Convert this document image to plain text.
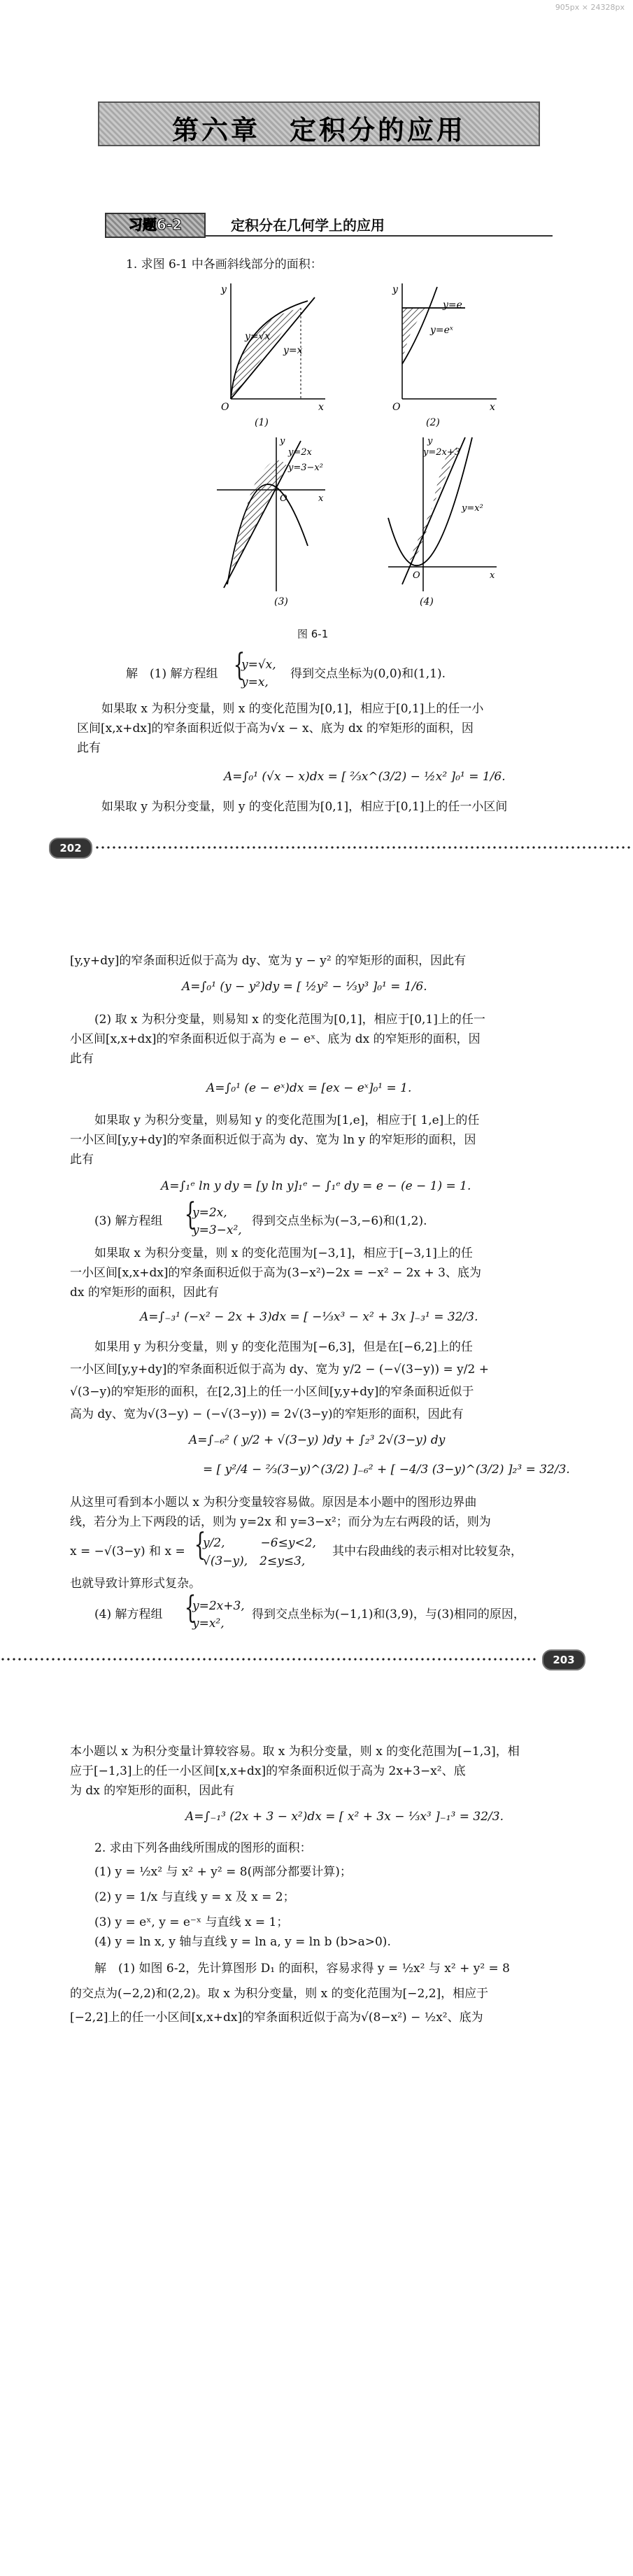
905px × 24328px
第六章　定积分的应用
习题6-2	定积分在几何学上的应用
1. 求图 6-1 中各画斜线部分的面积：
y=√x
y=x
O	x
y
(1)
y=e
y=eˣ
O	x
y
(2)
y=2x
y=3−x²
O	x
y
(3)
y=2x+3
y=x²
O	x
y
(4)
图 6-1
解　(1) 解方程组 {
y=√x,
y=x,
得到交点坐标为(0,0)和(1,1).
如果取 x 为积分变量，则 x 的变化范围为[0,1]，相应于[0,1]上的任一小
区间[x,x+dx]的窄条面积近似于高为√x − x、底为 dx 的窄矩形的面积，因
此有
A=∫₀¹ (√x − x)dx = [ ⅔x^(3/2) − ½x² ]₀¹ = 1/6.
如果取 y 为积分变量，则 y 的变化范围为[0,1]，相应于[0,1]上的任一小区间
202
[y,y+dy]的窄条面积近似于高为 dy、宽为 y − y² 的窄矩形的面积，因此有
A=∫₀¹ (y − y²)dy = [ ½y² − ⅓y³ ]₀¹ = 1/6.
(2) 取 x 为积分变量，则易知 x 的变化范围为[0,1]，相应于[0,1]上的任一
小区间[x,x+dx]的窄条面积近似于高为 e − eˣ、底为 dx 的窄矩形的面积，因
此有
A=∫₀¹ (e − eˣ)dx = [ex − eˣ]₀¹ = 1.
如果取 y 为积分变量，则易知 y 的变化范围为[1,e]，相应于[ 1,e]上的任
一小区间[y,y+dy]的窄条面积近似于高为 dy、宽为 ln y 的窄矩形的面积，因
此有
A=∫₁ᵉ ln y dy = [y ln y]₁ᵉ − ∫₁ᵉ dy = e − (e − 1) = 1.
(3) 解方程组 {
y=2x,
y=3−x²,
得到交点坐标为(−3,−6)和(1,2).
如果取 x 为积分变量，则 x 的变化范围为[−3,1]，相应于[−3,1]上的任
一小区间[x,x+dx]的窄条面积近似于高为(3−x²)−2x = −x² − 2x + 3、底为
dx 的窄矩形的面积，因此有
A=∫₋₃¹ (−x² − 2x + 3)dx = [ −⅓x³ − x² + 3x ]₋₃¹ = 32/3.
如果用 y 为积分变量，则 y 的变化范围为[−6,3]，但是在[−6,2]上的任
一小区间[y,y+dy]的窄条面积近似于高为 dy、宽为 y/2 − (−√(3−y)) = y/2 +
√(3−y)的窄矩形的面积，在[2,3]上的任一小区间[y,y+dy]的窄条面积近似于
高为 dy、宽为√(3−y) − (−√(3−y)) = 2√(3−y)的窄矩形的面积，因此有
A=∫₋₆² ( y/2 + √(3−y) )dy + ∫₂³ 2√(3−y) dy
= [ y²/4 − ⅔(3−y)^(3/2) ]₋₆² + [ −4/3 (3−y)^(3/2) ]₂³ = 32/3.
从这里可看到本小题以 x 为积分变量较容易做。原因是本小题中的图形边界曲
线，若分为上下两段的话，则为 y=2x 和 y=3−x²；而分为左右两段的话，则为
x = −√(3−y) 和 x = {
y/2,　　　−6≤y<2,
√(3−y),　2≤y≤3,
其中右段曲线的表示相对比较复杂，
也就导致计算形式复杂。
(4) 解方程组 {
y=2x+3,
y=x²,
得到交点坐标为(−1,1)和(3,9)，与(3)相同的原因，
203
本小题以 x 为积分变量计算较容易。取 x 为积分变量，则 x 的变化范围为[−1,3]，相
应于[−1,3]上的任一小区间[x,x+dx]的窄条面积近似于高为 2x+3−x²、底
为 dx 的窄矩形的面积，因此有
A=∫₋₁³ (2x + 3 − x²)dx = [ x² + 3x − ⅓x³ ]₋₁³ = 32/3.
2. 求由下列各曲线所围成的图形的面积：
(1) y = ½x² 与 x² + y² = 8(两部分都要计算)；
(2) y = 1/x 与直线 y = x 及 x = 2；
(3) y = eˣ, y = e⁻ˣ 与直线 x = 1；
(4) y = ln x, y 轴与直线 y = ln a, y = ln b (b>a>0).
解　(1) 如图 6-2，先计算图形 D₁ 的面积，容易求得 y = ½x² 与 x² + y² = 8
的交点为(−2,2)和(2,2)。取 x 为积分变量，则 x 的变化范围为[−2,2]，相应于
[−2,2]上的任一小区间[x,x+dx]的窄条面积近似于高为√(8−x²) − ½x²、底为
